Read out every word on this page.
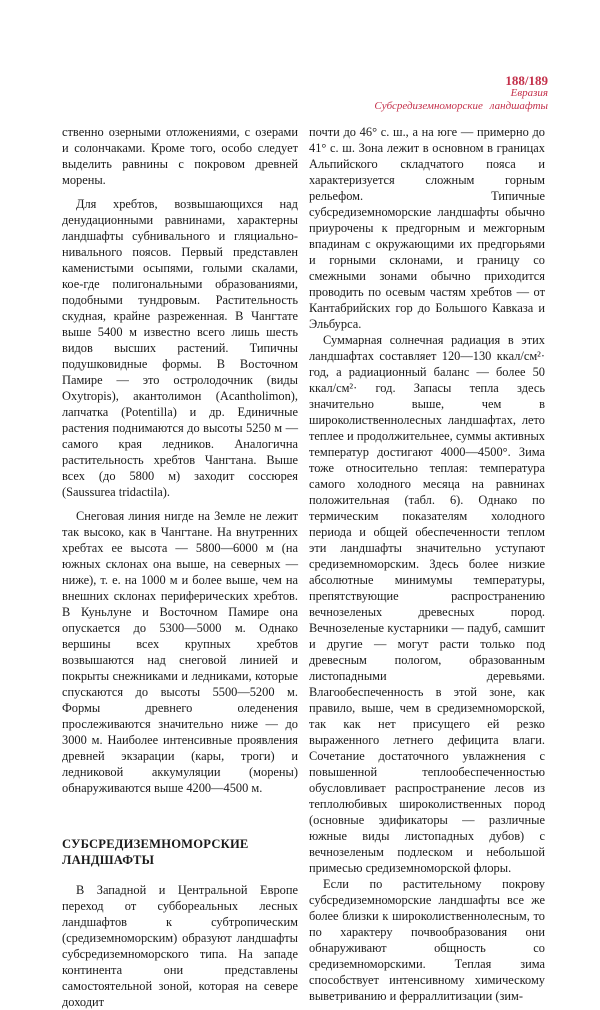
188/189
Евразия
Субсредиземноморские ландшафты

ственно озерными отложениями, с озерами и солончаками. Кроме того, особо следует выделить равнины с покровом древней морены.

Для хребтов, возвышающихся над денудационными равнинами, характерны ландшафты субнивального и гляциально-нивального поясов. Первый представлен каменистыми осыпями, голыми скалами, кое-где полигональными образованиями, подобными тундровым. Растительность скудная, крайне разреженная. В Чангтате выше 5400 м известно всего лишь шесть видов высших растений. Типичны подушковидные формы. В Восточном Памире — это остролодочник (виды Oxytropis), акантолимон (Acantholimon), лапчатка (Potentilla) и др. Единичные растения поднимаются до высоты 5250 м — самого края ледников. Аналогична растительность хребтов Чангтана. Выше всех (до 5800 м) заходит соссюрея (Saussurea tridactila).

Снеговая линия нигде на Земле не лежит так высоко, как в Чангтане. На внутренних хребтах ее высота — 5800—6000 м (на южных склонах она выше, на северных — ниже), т. е. на 1000 м и более выше, чем на внешних склонах периферических хребтов. В Куньлуне и Восточном Памире она опускается до 5300—5000 м. Однако вершины всех крупных хребтов возвышаются над снеговой линией и покрыты снежниками и ледниками, которые спускаются до высоты 5500—5200 м. Формы древнего оледенения прослеживаются значительно ниже — до 3000 м. Наиболее интенсивные проявления древней экзарации (кары, троги) и ледниковой аккумуляции (морены) обнаруживаются выше 4200—4500 м.

СУБСРЕДИЗЕМНОМОРСКИЕ ЛАНДШАФТЫ

В Западной и Центральной Европе переход от суббореальных лесных ландшафтов к субтропическим (средиземноморским) образуют ландшафты субсредиземноморского типа. На западе континента они представлены самостоятельной зоной, которая на севере доходит

почти до 46° с. ш., а на юге — примерно до 41° с. ш. Зона лежит в основном в границах Альпийского складчатого пояса и характеризуется сложным горным рельефом. Типичные субсредиземноморские ландшафты обычно приурочены к предгорным и межгорным впадинам с окружающими их предгорьями и горными склонами, и границу со смежными зонами обычно приходится проводить по осевым частям хребтов — от Кантабрийских гор до Большого Кавказа и Эльбурса.

Суммарная солнечная радиация в этих ландшафтах составляет 120—130 ккал/см²· год, а радиационный баланс — более 50 ккал/см²· год. Запасы тепла здесь значительно выше, чем в широколиственнолесных ландшафтах, лето теплее и продолжительнее, суммы активных температур достигают 4000—4500°. Зима тоже относительно теплая: температура самого холодного месяца на равнинах положительная (табл. 6). Однако по термическим показателям холодного периода и общей обеспеченности теплом эти ландшафты значительно уступают средиземноморским. Здесь более низкие абсолютные минимумы температуры, препятствующие распространению вечнозеленых древесных пород. Вечнозеленые кустарники — падуб, самшит и другие — могут расти только под древесным пологом, образованным листопадными деревьями. Влагообеспеченность в этой зоне, как правило, выше, чем в средиземноморской, так как нет присущего ей резко выраженного летнего дефицита влаги. Сочетание достаточного увлажнения с повышенной теплообеспеченностью обусловливает распространение лесов из теплолюбивых широколиственных пород (основные эдификаторы — различные южные виды листопадных дубов) с вечнозеленым подлеском и небольшой примесью средиземноморской флоры.

Если по растительному покрову субсредиземноморские ландшафты все же более близки к широколиственнолесным, то по характеру почвообразования они обнаруживают общность со средиземноморскими. Теплая зима способствует интенсивному химическому выветриванию и ферраллитизации (зим-
